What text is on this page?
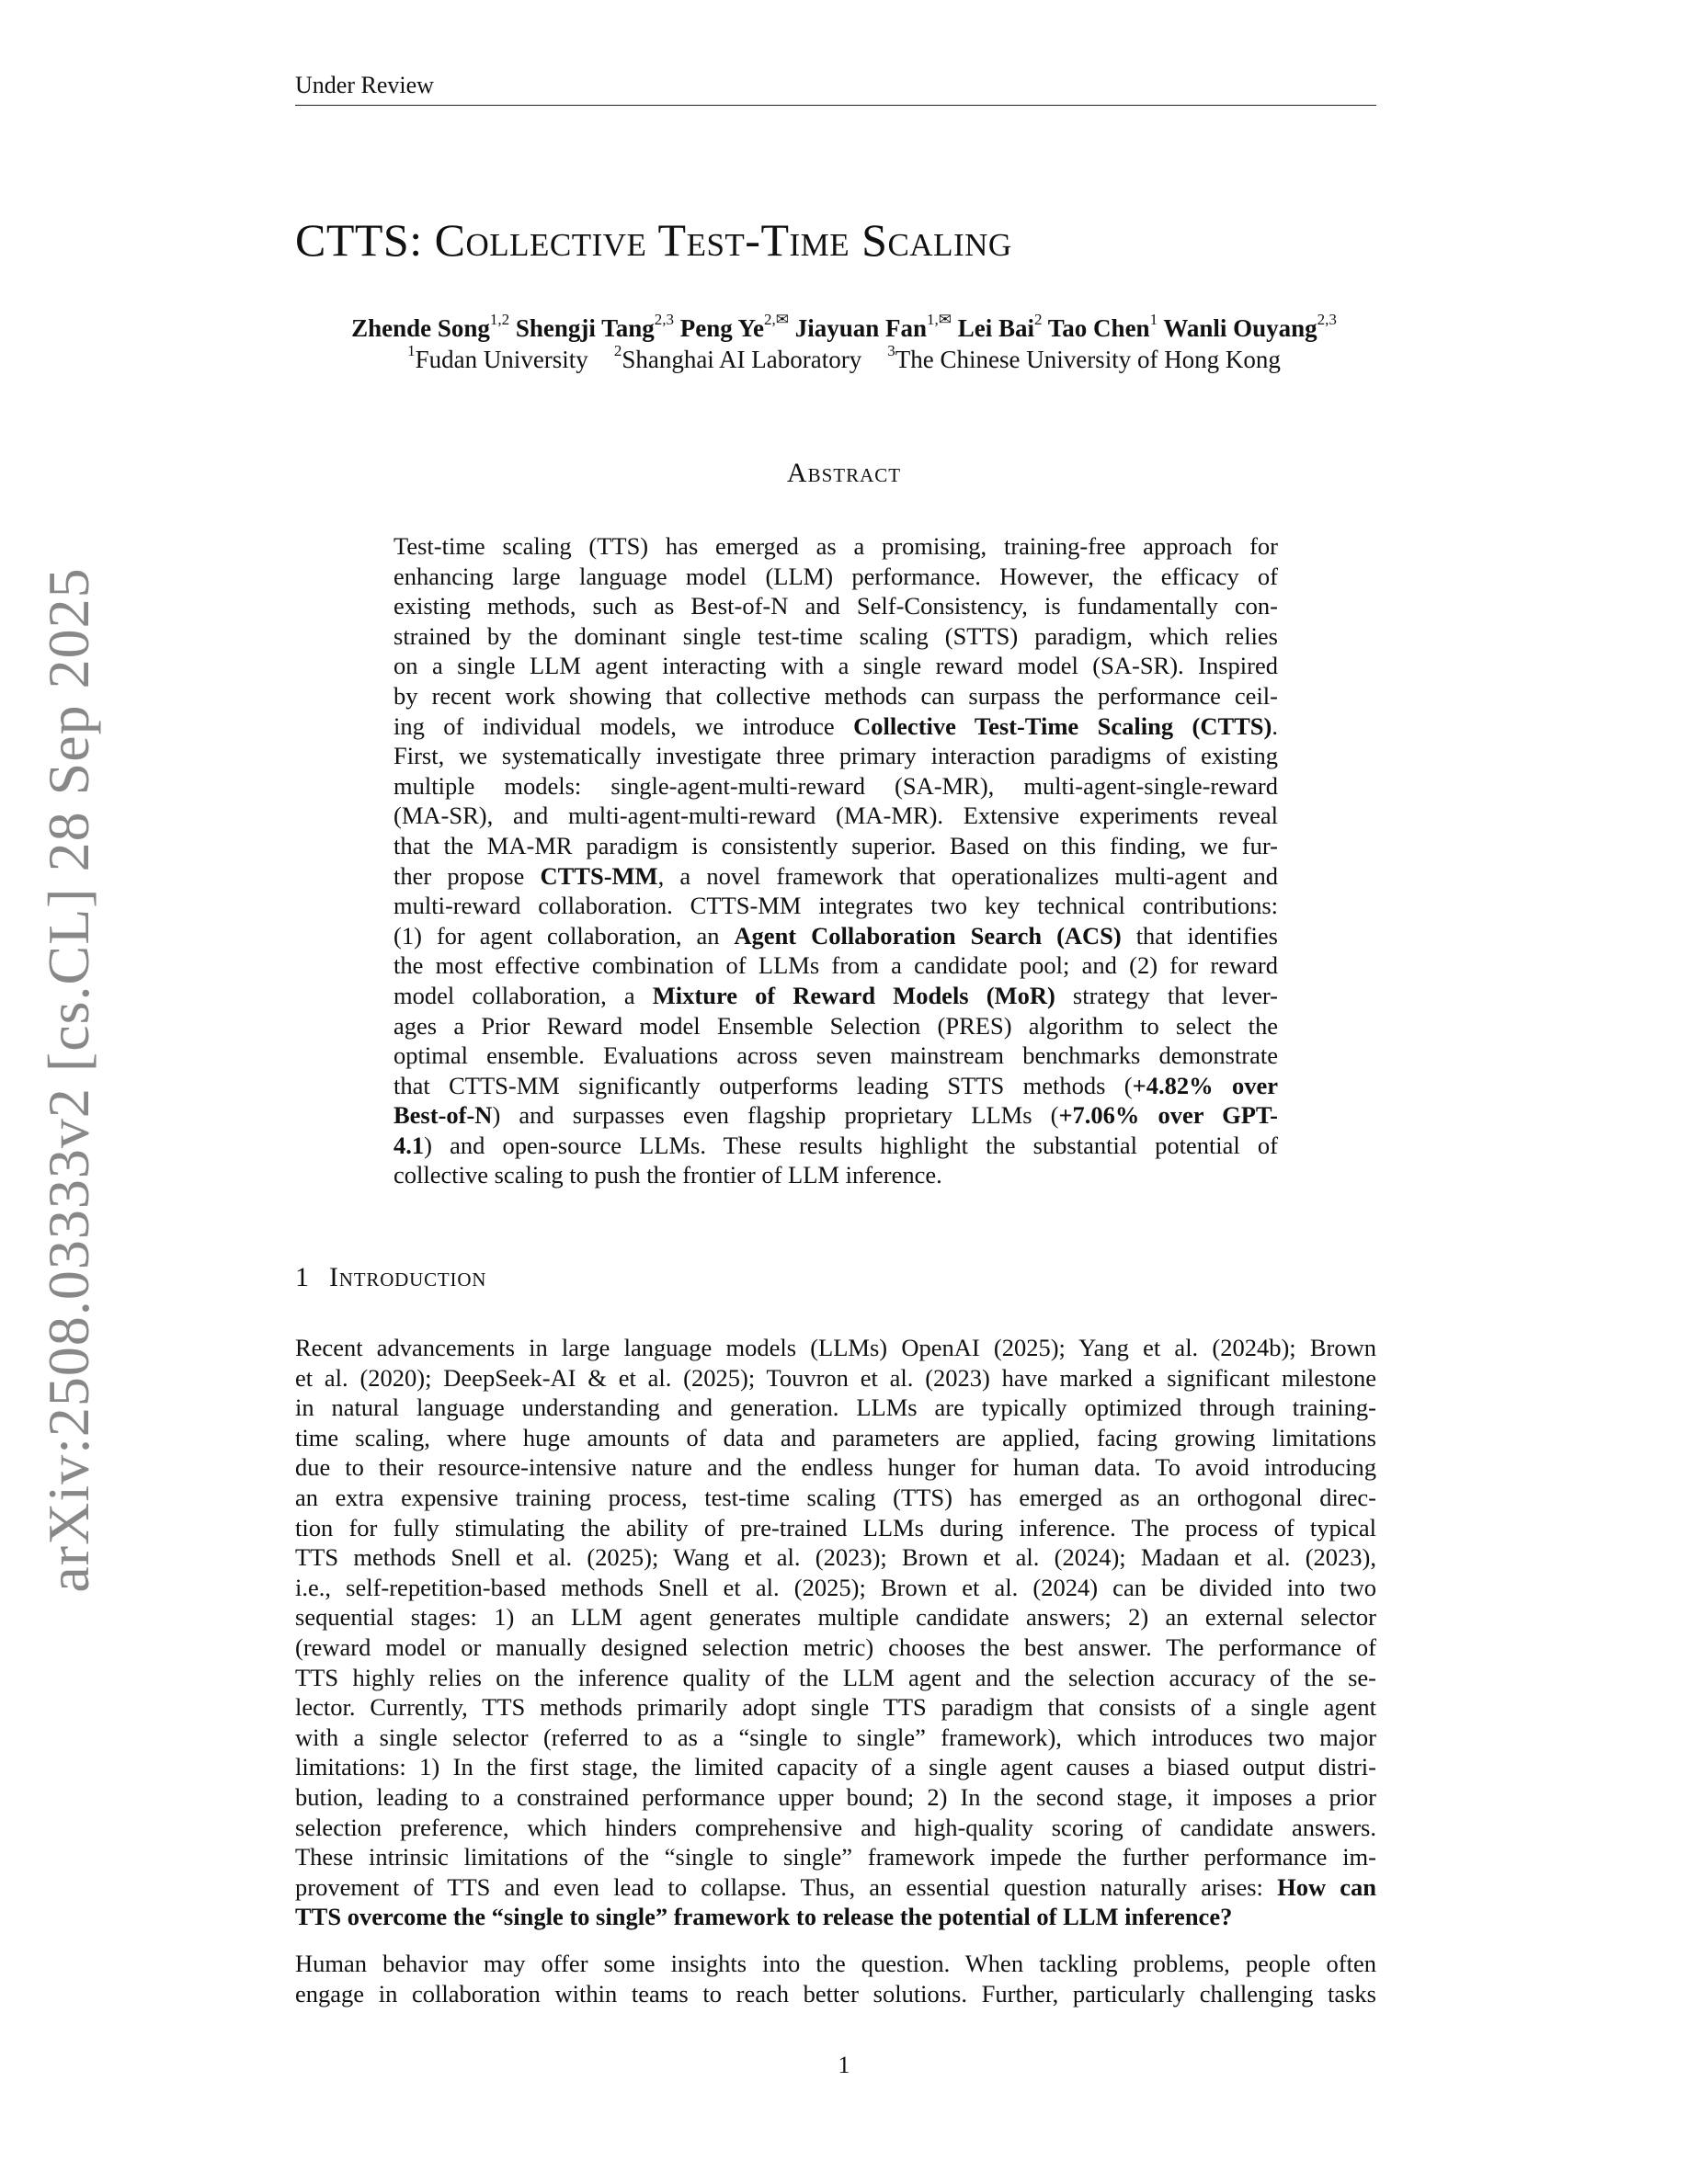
arXiv:2508.03333v2 [cs.CL] 28 Sep 2025
Under Review
CTTS: Collective Test-Time Scaling
Zhende Song$^{1,2}$ Shengji Tang$^{2,3}$ Peng $Ye^{2,✉}$ Jiayuan Fan$^{1,✉}$ Lei Bai$^2$ Tao Chen$^1$ Wanli Ouyang$^{2,3}$
$^1$Fudan University $^2$Shanghai AI Laboratory $^3$The Chinese University of Hong Kong
Abstract
Test-time scaling (TTS) has emerged as a promising, training-free approach for
enhancing large language model (LLM) performance. However, the efficacy of
existing methods, such as Best-of-N and Self-Consistency, is fundamentally con-
strained by the dominant single test-time scaling (STTS) paradigm, which relies
on a single LLM agent interacting with a single reward model (SA-SR). Inspired
by recent work showing that collective methods can surpass the performance ceil-
ing of individual models, we introduce Collective Test-Time Scaling (CTTS).
First, we systematically investigate three primary interaction paradigms of existing
multiple models: single-agent-multi-reward (SA-MR), multi-agent-single-reward
(MA-SR), and multi-agent-multi-reward (MA-MR). Extensive experiments reveal
that the MA-MR paradigm is consistently superior. Based on this finding, we fur-
ther propose CTTS-MM, a novel framework that operationalizes multi-agent and
multi-reward collaboration. CTTS-MM integrates two key technical contributions:
(1) for agent collaboration, an Agent Collaboration Search (ACS) that identifies
the most effective combination of LLMs from a candidate pool; and (2) for reward
model collaboration, a Mixture of Reward Models (MoR) strategy that lever-
ages a Prior Reward model Ensemble Selection (PRES) algorithm to select the
optimal ensemble. Evaluations across seven mainstream benchmarks demonstrate
that CTTS-MM significantly outperforms leading STTS methods (+4.82% over
Best-of-N) and surpasses even flagship proprietary LLMs (+7.06% over GPT-
4.1) and open-source LLMs. These results highlight the substantial potential of
collective scaling to push the frontier of LLM inference.
1 Introduction
Recent advancements in large language models (LLMs) OpenAI (2025); Yang et al. (2024b); Brown
et al. (2020); DeepSeek-AI & et al. (2025); Touvron et al. (2023) have marked a significant milestone
in natural language understanding and generation. LLMs are typically optimized through training-
time scaling, where huge amounts of data and parameters are applied, facing growing limitations
due to their resource-intensive nature and the endless hunger for human data. To avoid introducing
an extra expensive training process, test-time scaling (TTS) has emerged as an orthogonal direc-
tion for fully stimulating the ability of pre-trained LLMs during inference. The process of typical
TTS methods Snell et al. (2025); Wang et al. (2023); Brown et al. (2024); Madaan et al. (2023),
i.e., self-repetition-based methods Snell et al. (2025); Brown et al. (2024) can be divided into two
sequential stages: 1) an LLM agent generates multiple candidate answers; 2) an external selector
(reward model or manually designed selection metric) chooses the best answer. The performance of
TTS highly relies on the inference quality of the LLM agent and the selection accuracy of the se-
lector. Currently, TTS methods primarily adopt single TTS paradigm that consists of a single agent
with a single selector (referred to as a “single to single” framework), which introduces two major
limitations: 1) In the first stage, the limited capacity of a single agent causes a biased output distri-
bution, leading to a constrained performance upper bound; 2) In the second stage, it imposes a prior
selection preference, which hinders comprehensive and high-quality scoring of candidate answers.
These intrinsic limitations of the “single to single” framework impede the further performance im-
provement of TTS and even lead to collapse. Thus, an essential question naturally arises: How can
TTS overcome the “single to single” framework to release the potential of LLM inference?
Human behavior may offer some insights into the question. When tackling problems, people often
engage in collaboration within teams to reach better solutions. Further, particularly challenging tasks
1
